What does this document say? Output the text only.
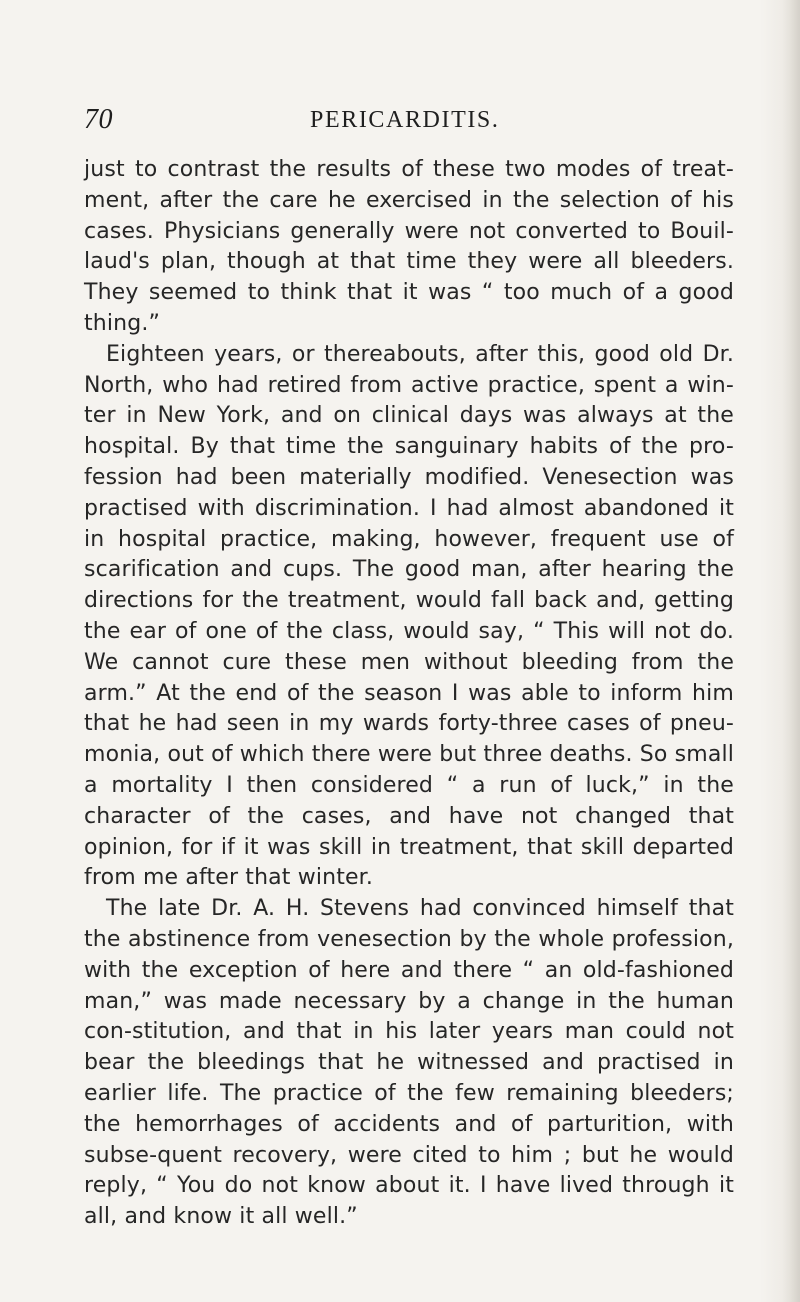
70	PERICARDITIS.

just to contrast the results of these two modes of treat-ment, after the care he exercised in the selection of his cases. Physicians generally were not converted to Bouil-laud's plan, though at that time they were all bleeders. They seemed to think that it was “ too much of a good thing.”

Eighteen years, or thereabouts, after this, good old Dr. North, who had retired from active practice, spent a win-ter in New York, and on clinical days was always at the hospital. By that time the sanguinary habits of the pro-fession had been materially modified. Venesection was practised with discrimination. I had almost abandoned it in hospital practice, making, however, frequent use of scarification and cups. The good man, after hearing the directions for the treatment, would fall back and, getting the ear of one of the class, would say, “ This will not do. We cannot cure these men without bleeding from the arm.” At the end of the season I was able to inform him that he had seen in my wards forty-three cases of pneu-monia, out of which there were but three deaths. So small a mortality I then considered “ a run of luck,” in the character of the cases, and have not changed that opinion, for if it was skill in treatment, that skill departed from me after that winter.

The late Dr. A. H. Stevens had convinced himself that the abstinence from venesection by the whole profession, with the exception of here and there “ an old-fashioned man,” was made necessary by a change in the human con-stitution, and that in his later years man could not bear the bleedings that he witnessed and practised in earlier life. The practice of the few remaining bleeders; the hemorrhages of accidents and of parturition, with subse-quent recovery, were cited to him ; but he would reply, “ You do not know about it. I have lived through it all, and know it all well.”
